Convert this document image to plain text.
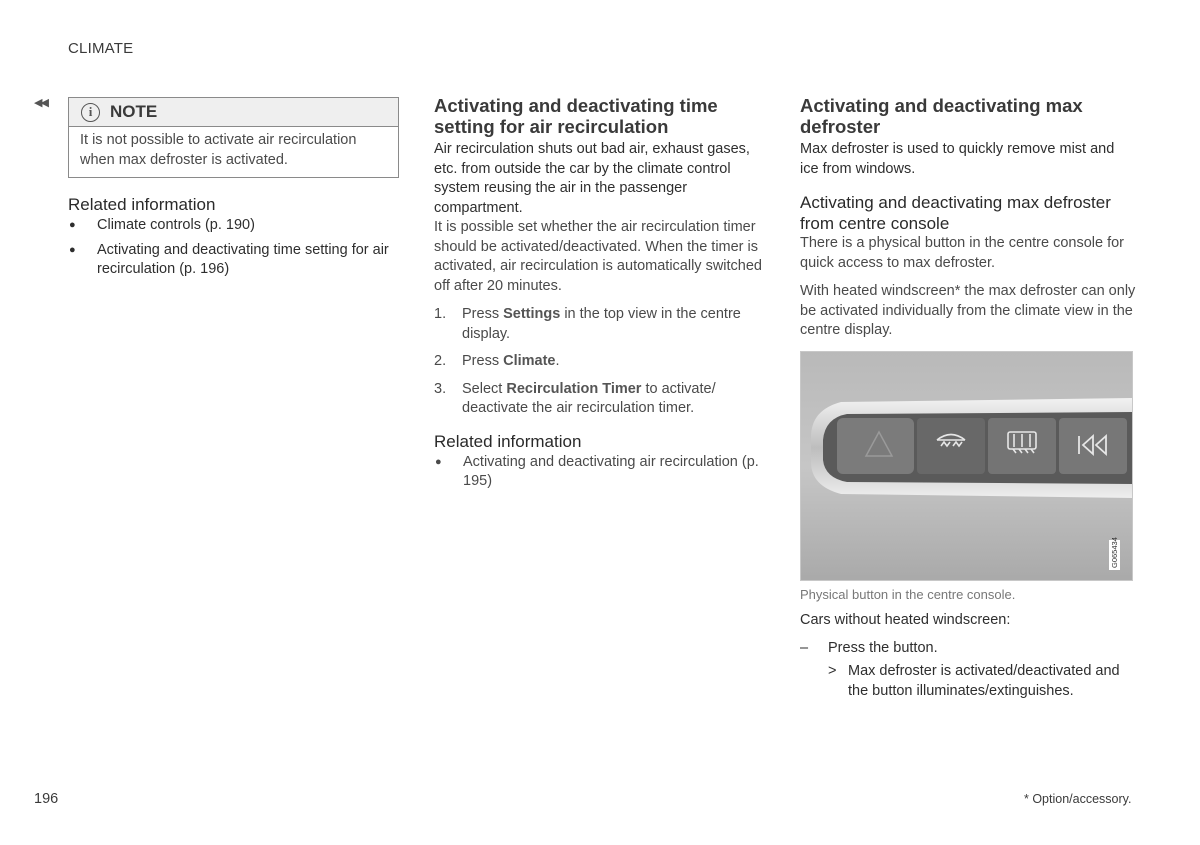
CLIMATE
◀◀
i	NOTE
It is not possible to activate air recirculation when max defroster is activated.
Related information
●	Climate controls (p. 190)
●	Activating and deactivating time setting for air recirculation (p. 196)
Activating and deactivating time setting for air recirculation
Air recirculation shuts out bad air, exhaust gases, etc. from outside the car by the climate control system reusing the air in the passenger compartment.
It is possible set whether the air recirculation timer should be activated/deactivated. When the timer is activated, air recirculation is automatically switched off after 20 minutes.
1.	Press Settings in the top view in the centre display.
2.	Press Climate.
3.	Select Recirculation Timer to activate/ deactivate the air recirculation timer.
Related information
●	Activating and deactivating air recirculation (p. 195)
Activating and deactivating max defroster
Max defroster is used to quickly remove mist and ice from windows.
Activating and deactivating max defroster from centre console
There is a physical button in the centre console for quick access to max defroster.
With heated windscreen* the max defroster can only be activated individually from the climate view in the centre display.
G065434
Physical button in the centre console.
Cars without heated windscreen:
–	Press the button.
> Max defroster is activated/deactivated and the button illuminates/extinguishes.
196	* Option/accessory.
